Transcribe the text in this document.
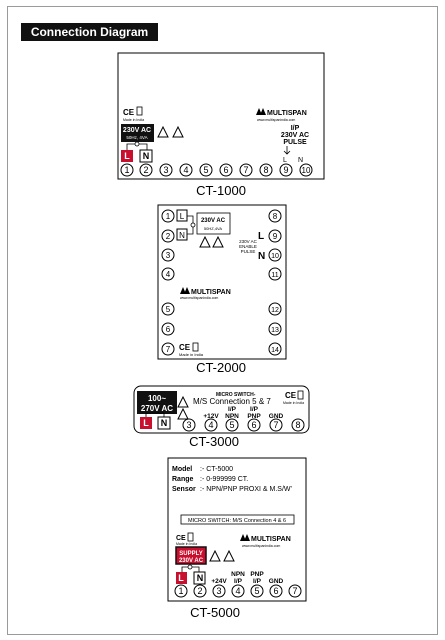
Connection Diagram
CE
Made in India
MULTISPAN
www.multispanindia.com
230V AC
50Hz, 4VA
L N
I/P
230V AC
PULSE
L N
1 2 3 4 5 6 7 8 9 10
CT-1000
1
2
3
4
5
6
7
8
9
10
11
12
13
14
L
N
230V AC
50HZ,4VA
230V AC
ENABLE
PULSE
L
N
MULTISPAN
www.multispanindia.com
CE
Made in India
CT-2000
100~
270V AC
MICRO SWITCH-
M/S Connection 5 & 7
CE
Made in India
L N
+12V
I/P
NPN
I/P
PNP GND
3 4 5 6 7 8
CT-3000
Model :- CT-5000
Range :- 0-999999 CT.
Sensor :- NPN/PNP PROXI & M.S/W'
MICRO SWITCH: M/S Connection 4 & 6
CE
Made in India
MULTISPAN
www.multispanindia.com
SUPPLY
230V AC
L N +24V
NPN
I/P
PNP
I/P GND
1 2 3 4 5 6 7
CT-5000
